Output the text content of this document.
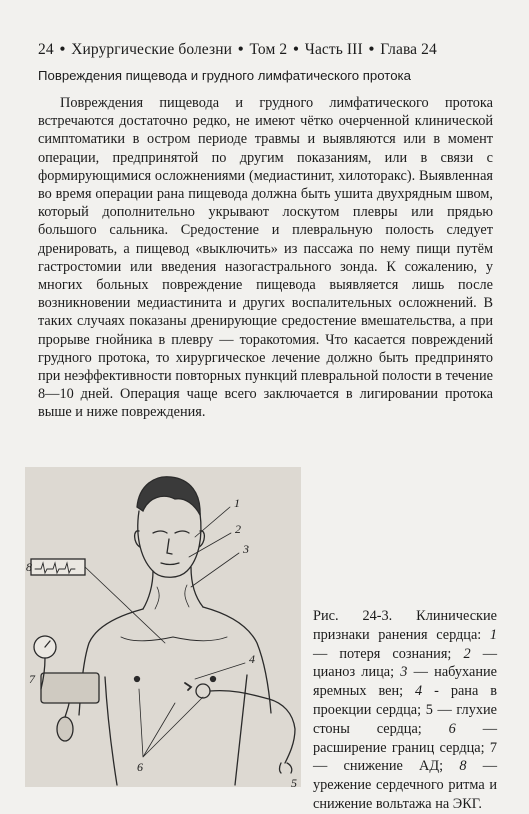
24 • Хирургические болезни • Том 2 • Часть III • Глава 24
Повреждения пищевода и грудного лимфатического протока

Повреждения пищевода и грудного лимфатического протока встречаются достаточно редко, не имеют чётко очерченной клинической симптоматики в остром периоде травмы и выявляются или в момент операции, предпринятой по другим показаниям, или в связи с формирующимися осложнениями (медиастинит, хилоторакс). Выявленная во время операции рана пищевода должна быть ушита двухрядным швом, который дополнительно укрывают лоскутом плевры или прядью большого сальника. Средостение и плевральную полость следует дренировать, а пищевод «выключить» из пассажа по нему пищи путём гастростомии или введения назогастрального зонда. К сожалению, у многих больных повреждение пищевода выявляется лишь после возникновении медиастинита и других воспалительных осложнений. В таких случаях показаны дренирующие средостение вмешательства, а при прорыве гнойника в плевру — торакотомия. Что касается повреждений грудного протока, то хирургическое лечение должно быть предпринято при неэффективности повторных пункций плевральной полости в течение 8—10 дней. Операция чаще всего заключается в лигировании протока выше и ниже повреждения.

1
2
3
4
5
6
7
8
Рис. 24-3. Клинические признаки ранения сердца: 1 — потеря сознания; 2 — цианоз лица; 3 — набухание яремных вен; 4 - рана в проекции сердца; 5 — глухие стоны сердца; 6 — расширение границ сердца; 7— снижение АД; 8 — урежение сердечного ритма и снижение вольтажа на ЭКГ.
